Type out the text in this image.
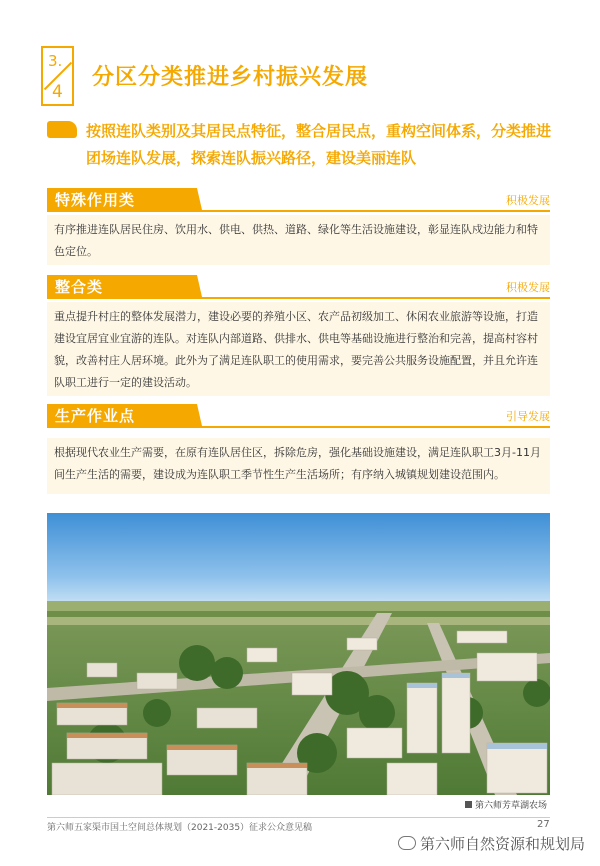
3.
4
分区分类推进乡村振兴发展
按照连队类别及其居民点特征，整合居民点，重构空间体系，分类推进团场连队发展，探索连队振兴路径，建设美丽连队
特殊作用类	积极发展
有序推进连队居民住房、饮用水、供电、供热、道路、绿化等生活设施建设，彰显连队戍边能力和特色定位。
整合类	积极发展
重点提升村庄的整体发展潜力，建设必要的养殖小区、农产品初级加工、休闲农业旅游等设施，打造建设宜居宜业宜游的连队。对连队内部道路、供排水、供电等基础设施进行整治和完善，提高村容村貌，改善村庄人居环境。此外为了满足连队职工的使用需求，要完善公共服务设施配置，并且允许连队职工进行一定的建设活动。
生产作业点	引导发展
根据现代农业生产需要，在原有连队居住区，拆除危房，强化基础设施建设，满足连队职工3月-11月间生产生活的需要，建设成为连队职工季节性生产生活场所；有序纳入城镇规划建设范围内。
第六师芳草湖农场
第六师五家渠市国土空间总体规划（2021-2035）征求公众意见稿	27
第六师自然资源和规划局
